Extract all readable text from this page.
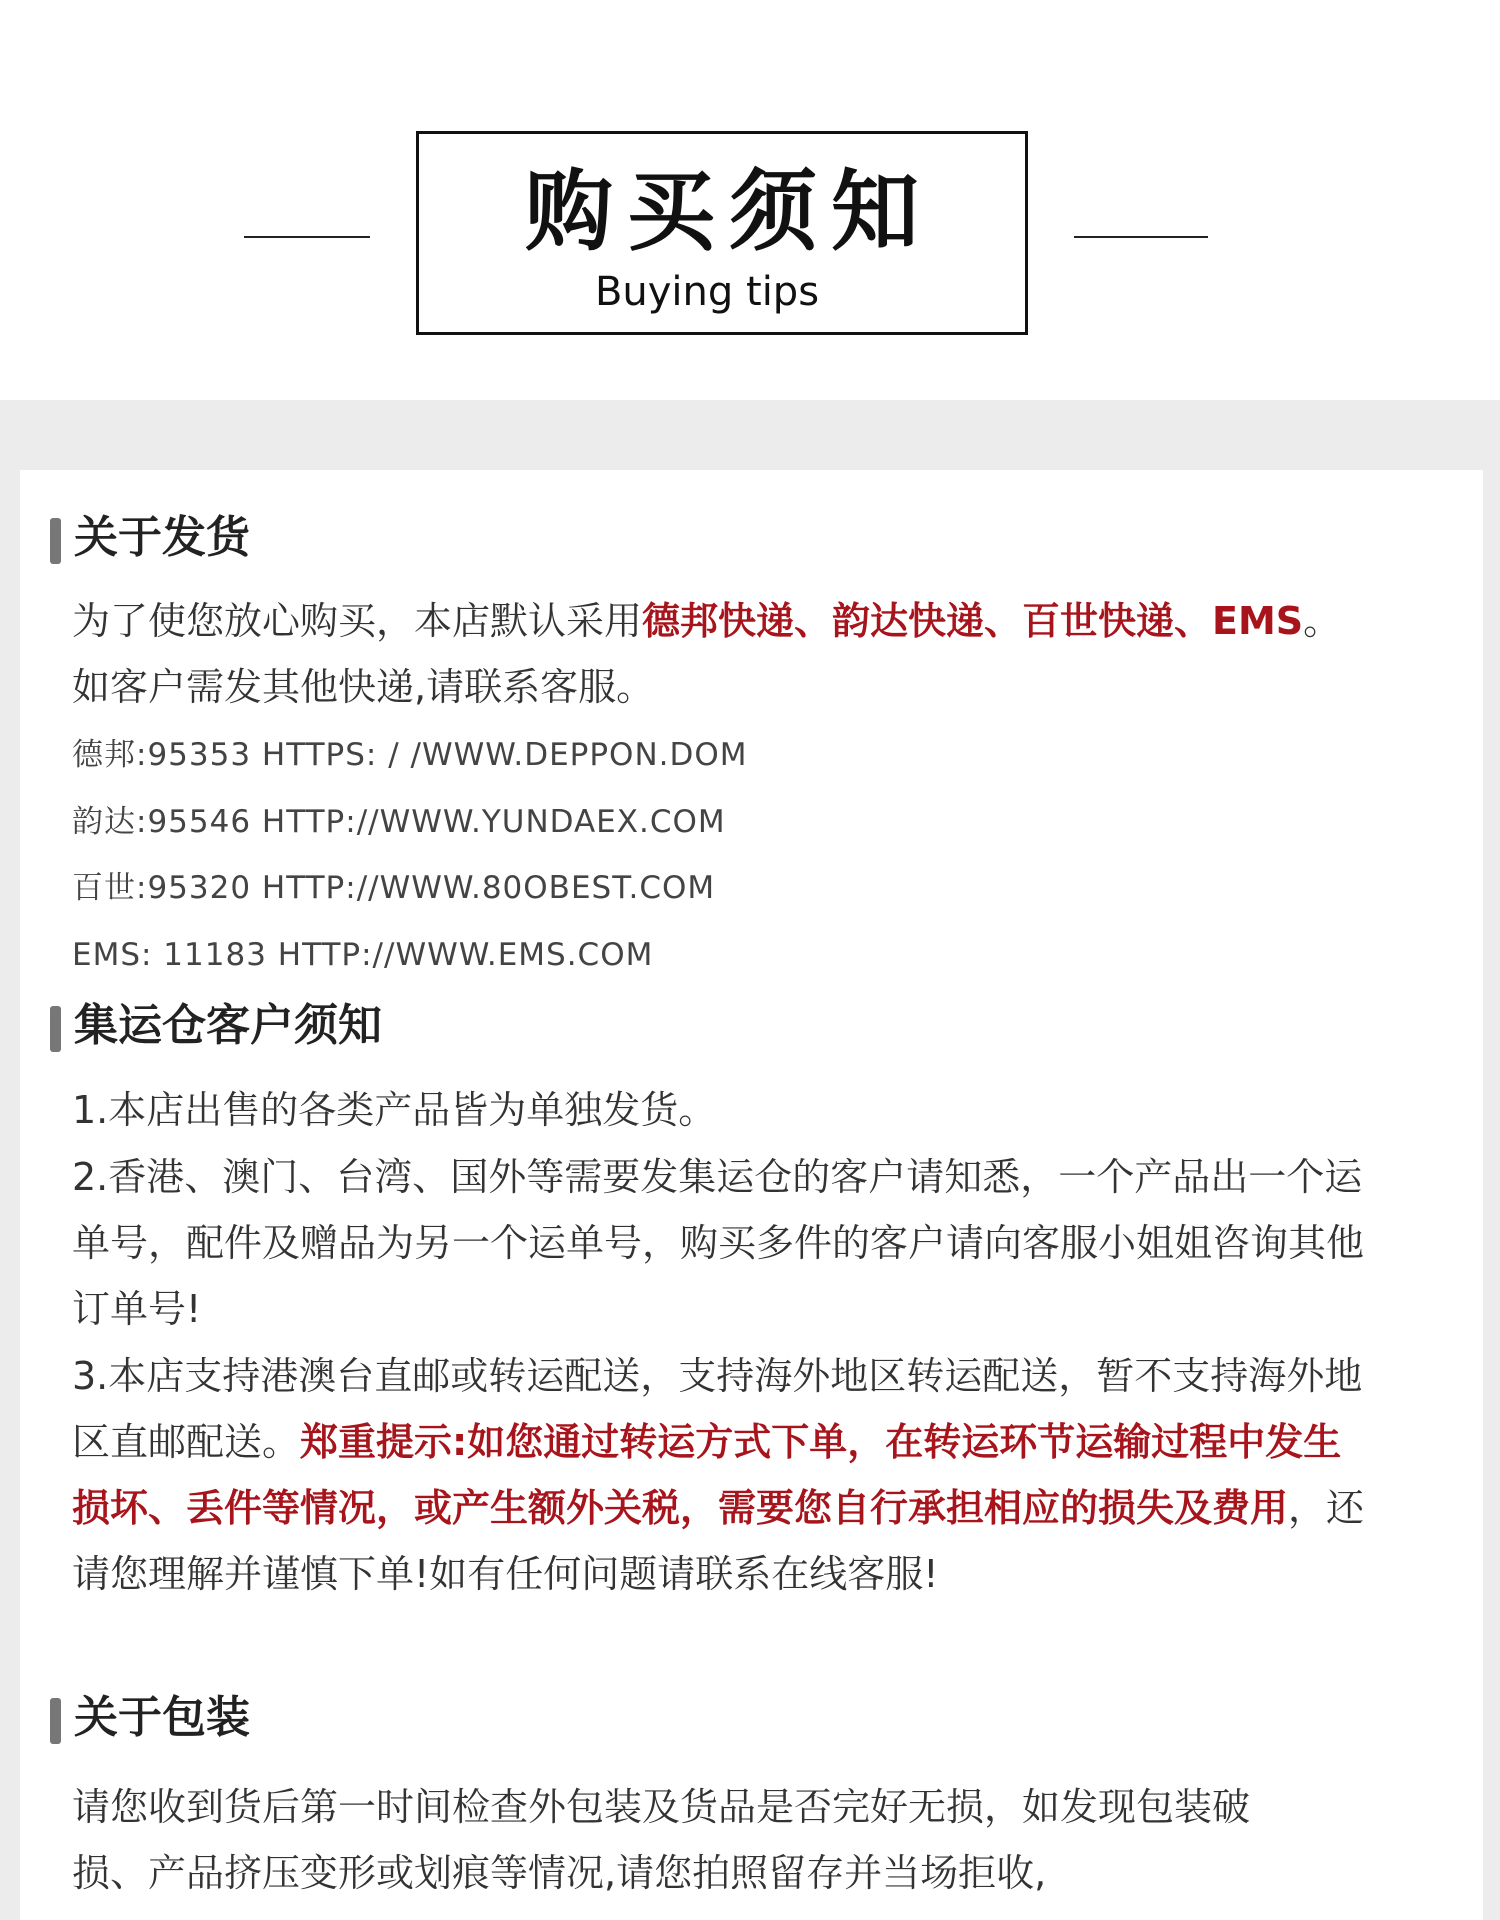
购买须知
Buying tips
关于发货

为了使您放心购买，本店默认采用德邦快递、韵达快递、百世快递、EMS。如客户需发其他快递,请联系客服。

德邦:95353 HTTPS: / /WWW.DEPPON.DOM
韵达:95546 HTTP://WWW.YUNDAEX.COM
百世:95320 HTTP://WWW.80OBEST.COM
EMS: 11183 HTTP://WWW.EMS.COM
集运仓客户须知

1.本店出售的各类产品皆为单独发货。

2.香港、澳门、台湾、国外等需要发集运仓的客户请知悉，一个产品出一个运单号，配件及赠品为另一个运单号，购买多件的客户请向客服小姐姐咨询其他订单号!

3.本店支持港澳台直邮或转运配送，支持海外地区转运配送，暂不支持海外地区直邮配送。郑重提示:如您通过转运方式下单，在转运环节运输过程中发生损坏、丢件等情况，或产生额外关税，需要您自行承担相应的损失及费用，还请您理解并谨慎下单!如有任何问题请联系在线客服!

关于包装

请您收到货后第一时间检查外包装及货品是否完好无损，如发现包装破损、产品挤压变形或划痕等情况,请您拍照留存并当场拒收,
